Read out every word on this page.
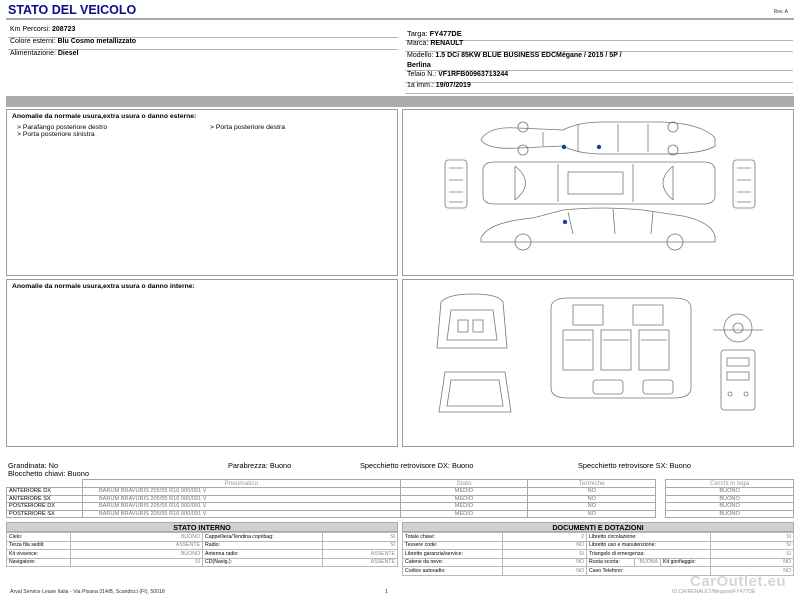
STATO DEL VEICOLO	Rev. A
Km Percorsi: 208723
Colore esterni: Blu Cosmo metallizzato
Alimentazione: Diesel
Targa: FY477DE
Marca: RENAULT
Modello: 1.5 DCi 85KW BLUE BUSINESS EDCMégane / 2015 / 5P /
Berlina
Telaio N.: VF1RFB00963713244
1a imm.: 19/07/2019
Anomalie da normale usura,extra usura o danno esterne:
> Parafango posteriore destro	> Porta posteriore destra
> Porta posteriore sinistra
Anomalie da normale usura,extra usura o danno interne:
Grandinata: No	Parabrezza: Buono	Specchietto retrovisore DX: Buono	Specchietto retrovisore SX: Buono
Blocchetto chiavi: Buono
	Pneumatico	Stato	Termiche		Cerchi in lega
ANTERIORE DX	BARUM BRAVURIS 205/55 R16 000/091 V	MEDIO	NO		BUONO
ANTERIORE SX	BARUM BRAVURIS 205/55 R16 000/091 V	MEDIO	NO		BUONO
POSTERIORE DX	BARUM BRAVURIS 205/55 R16 000/091 V	MEDIO	NO		BUONO
POSTERIORE SX	BARUM BRAVURIS 205/55 R16 000/091 V	MEDIO	NO		BUONO
STATO INTERNO
Cielo:	BUONO	Cappelliera/Tendina copribag:	SI
Terza fila sedili:	ASSENTE	Radio:	SI
Kit vivavoce:	BUONO	Antenna radio:	ASSENTE
Navigatore:	SI	CD(Navig.):	ASSENTE
DOCUMENTI E DOTAZIONI
Totale chiavi:	2	Libretto circolazione:			SI
Tessere code:	NO	Libretto uso e manutenzione:			SI
Libretto garanzia/service:	SI	Triangolo di emergenza:			SI
Catene da neve:	NO	Ruota scorta:	BUONA	Kit gonfiaggio:	NO
Codice autoradio:	NO	Cavo Telefono:			NO
Arval Service Lease Italia - Via Pisana 314/B, Scandicci (FI), 50018	1	ID:CR/RENAULT/Megane/FY477DE
CarOutlet.eu
